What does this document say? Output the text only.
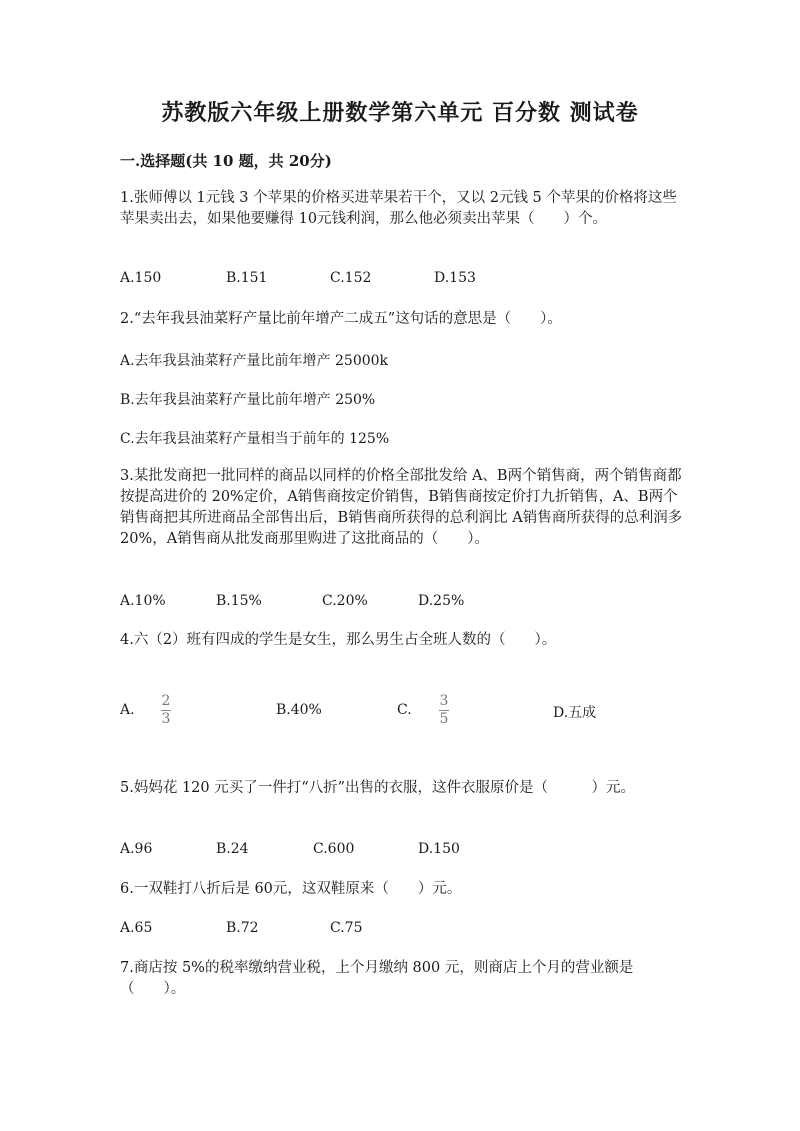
苏教版六年级上册数学第六单元 百分数 测试卷
一.选择题(共 10 题，共 20分)
1.张师傅以 1元钱 3 个苹果的价格买进苹果若干个，又以 2元钱 5 个苹果的价格将这些苹果卖出去，如果他要赚得 10元钱利润，那么他必须卖出苹果（　　）个。
A.150	B.151	C.152	D.153
2.“去年我县油菜籽产量比前年增产二成五”这句话的意思是（　　）。
A.去年我县油菜籽产量比前年增产 25000k
B.去年我县油菜籽产量比前年增产 250%
C.去年我县油菜籽产量相当于前年的 125%
3.某批发商把一批同样的商品以同样的价格全部批发给 A、B两个销售商，两个销售商都按提高进价的 20%定价，A销售商按定价销售，B销售商按定价打九折销售，A、B两个销售商把其所进商品全部售出后，B销售商所获得的总利润比 A销售商所获得的总利润多 20%，A销售商从批发商那里购进了这批商品的（　　）。
A.10%	B.15%	C.20%	D.25%
4.六（2）班有四成的学生是女生，那么男生占全班人数的（　　）。
A.
2
3
B.40%	C.
3
5	D.五成
5.妈妈花 120 元买了一件打“八折”出售的衣服，这件衣服原价是（　　　）元。
A.96	B.24	C.600	D.150
6.一双鞋打八折后是 60元，这双鞋原来（　　）元。
A.65	B.72	C.75
7.商店按 5%的税率缴纳营业税，上个月缴纳 800 元，则商店上个月的营业额是（　　）。
